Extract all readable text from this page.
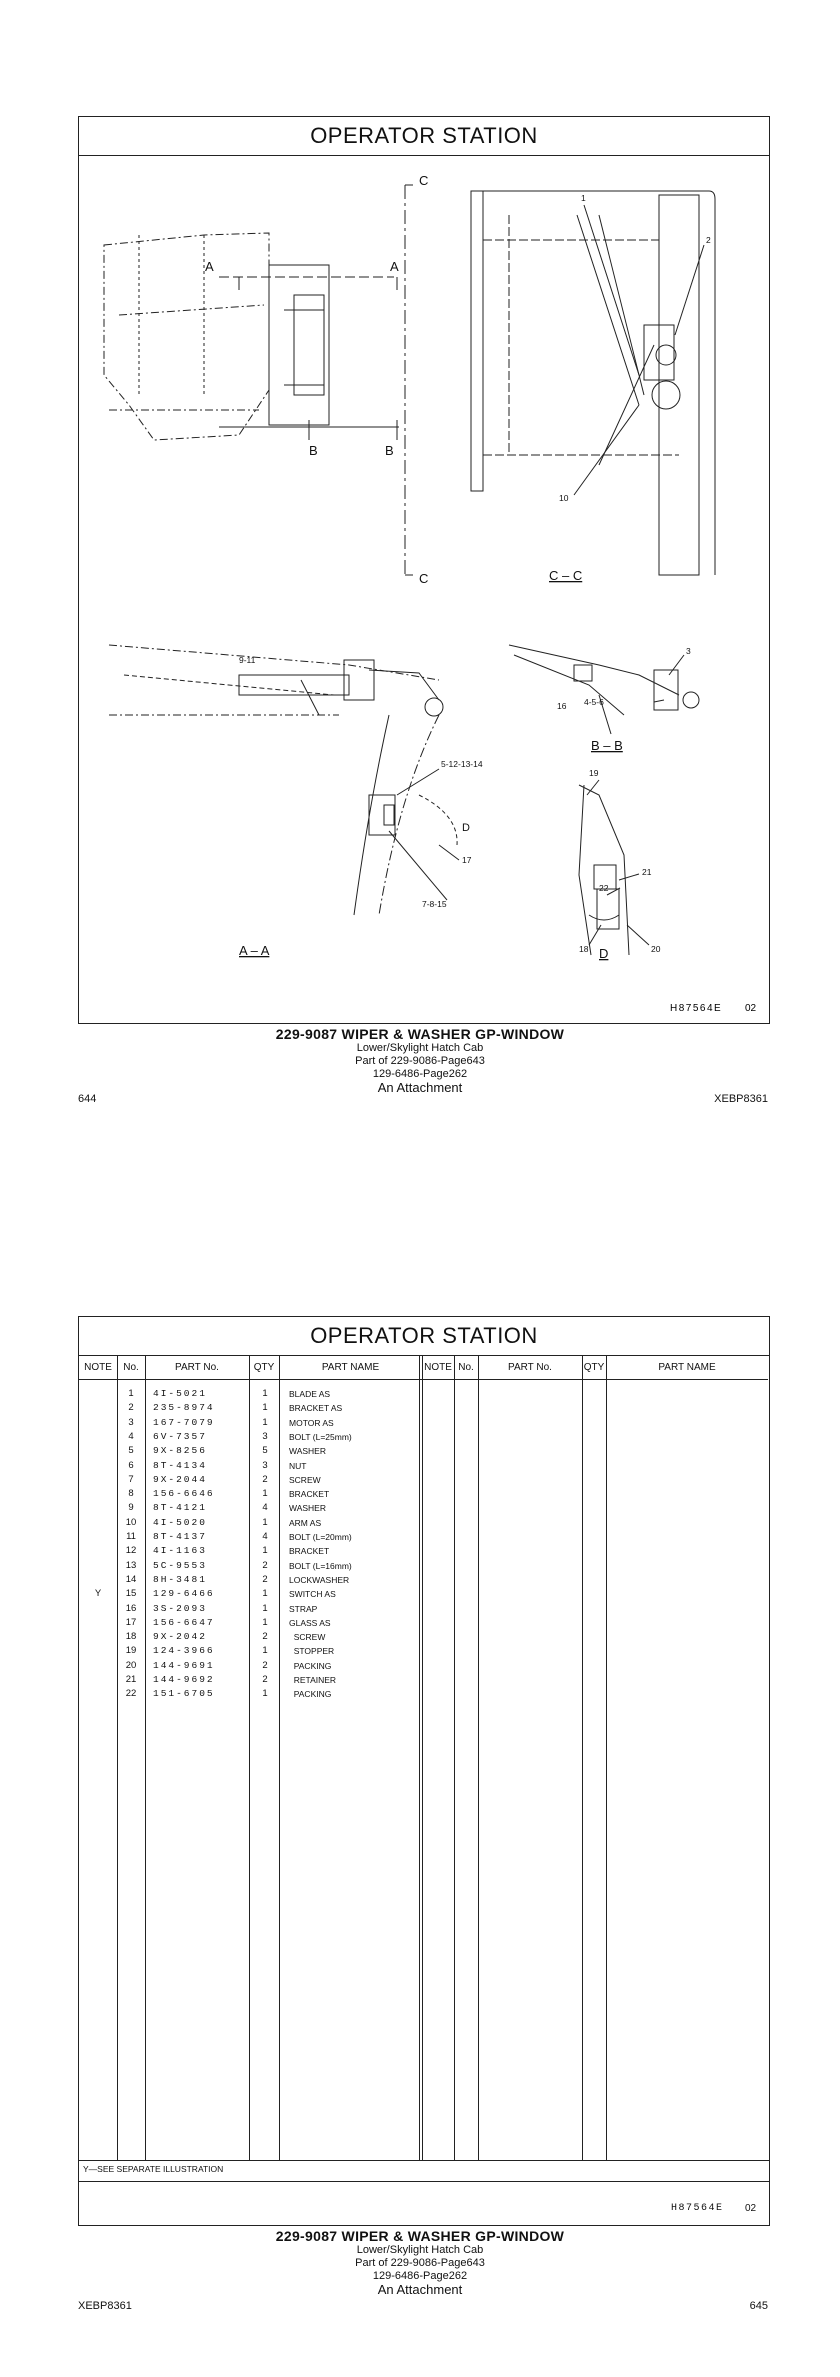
OPERATOR STATION
C
C
A	A
B	B
A – A
C – C
B – B
D
1
2
10
3
16 4-5-6
9-11
5-12-13-14
D
17
7-8-15
19
21
22
18	20
H87564E 02
229-9087 WIPER & WASHER GP-WINDOW
Lower/Skylight Hatch Cab
Part of 229-9086-Page643
129-6486-Page262
An Attachment
644	XEBP8361
OPERATOR STATION
NOTE	No.	PART No.	QTY	PART NAME	NOTE No.	PART No.	QTY	PART NAME
1	4I-5021	1	BLADE AS
2	235-8974	1	BRACKET AS
3	167-7079	1	MOTOR AS
4	6V-7357	3	BOLT (L=25mm)
5	9X-8256	5	WASHER
6	8T-4134	3	NUT
7	9X-2044	2	SCREW
8	156-6646	1	BRACKET
9	8T-4121	4	WASHER
10	4I-5020	1	ARM AS
11	8T-4137	4	BOLT (L=20mm)
12	4I-1163	1	BRACKET
13	5C-9553	2	BOLT (L=16mm)
14	8H-3481	2	LOCKWASHER
Y	15	129-6466	1	SWITCH AS
16	3S-2093	1	STRAP
17	156-6647	1	GLASS AS
18	9X-2042	2	SCREW
19	124-3966	1	STOPPER
20	144-9691	2	PACKING
21	144-9692	2	RETAINER
22	151-6705	1	PACKING
Y—SEE SEPARATE ILLUSTRATION
H87564E 02
229-9087 WIPER & WASHER GP-WINDOW
Lower/Skylight Hatch Cab
Part of 229-9086-Page643
129-6486-Page262
An Attachment
XEBP8361	645
